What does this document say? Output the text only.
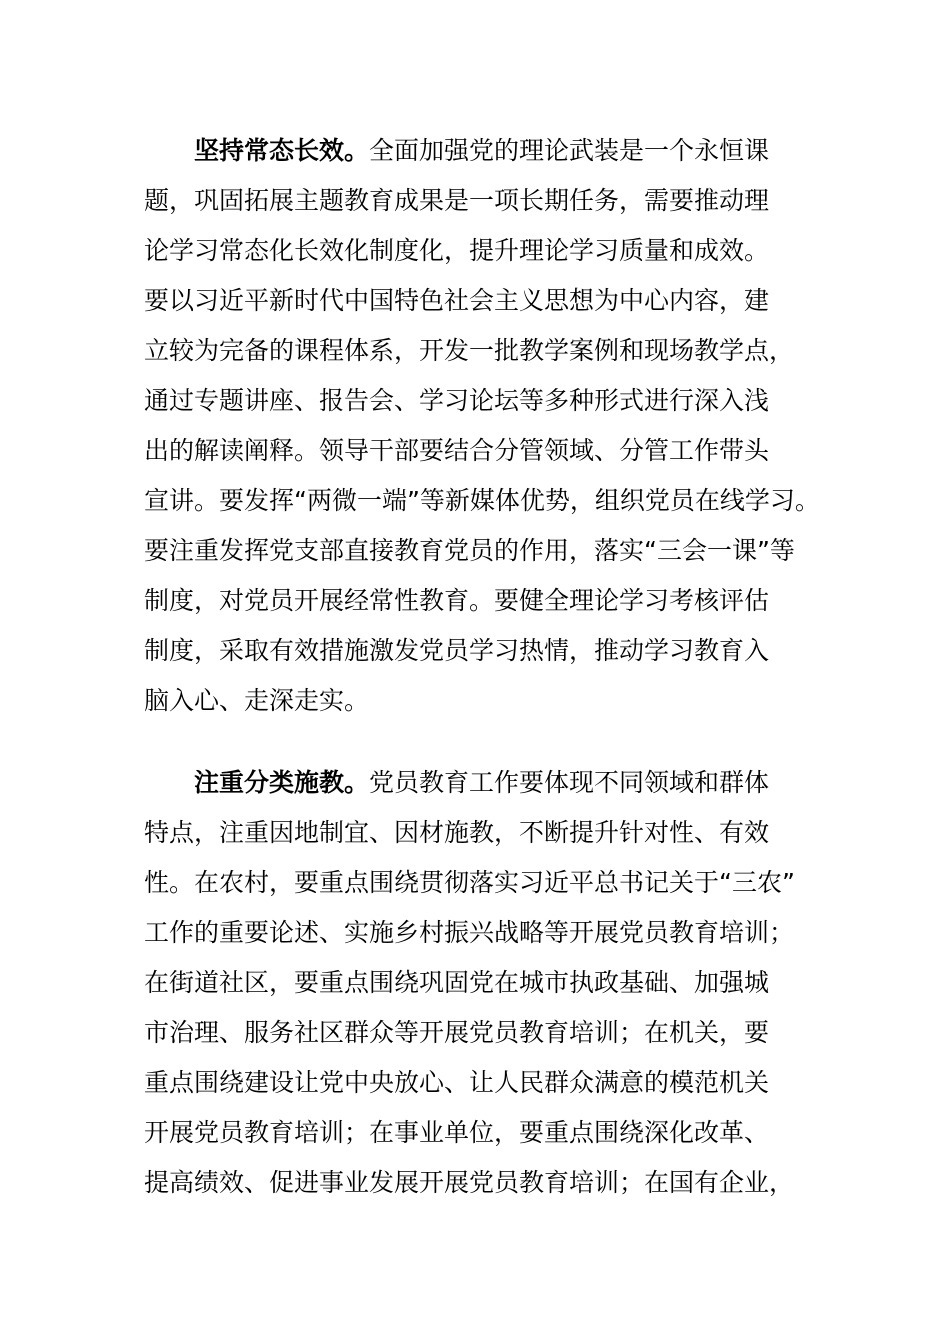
坚持常态长效。全面加强党的理论武装是一个永恒课
题，巩固拓展主题教育成果是一项长期任务，需要推动理
论学习常态化长效化制度化，提升理论学习质量和成效。
要以习近平新时代中国特色社会主义思想为中心内容，建
立较为完备的课程体系，开发一批教学案例和现场教学点，
通过专题讲座、报告会、学习论坛等多种形式进行深入浅
出的解读阐释。领导干部要结合分管领域、分管工作带头
宣讲。要发挥“两微一端”等新媒体优势，组织党员在线学习。
要注重发挥党支部直接教育党员的作用，落实“三会一课”等
制度，对党员开展经常性教育。要健全理论学习考核评估
制度，采取有效措施激发党员学习热情，推动学习教育入
脑入心、走深走实。
注重分类施教。党员教育工作要体现不同领域和群体
特点，注重因地制宜、因材施教，不断提升针对性、有效
性。在农村，要重点围绕贯彻落实习近平总书记关于“三农”
工作的重要论述、实施乡村振兴战略等开展党员教育培训；
在街道社区，要重点围绕巩固党在城市执政基础、加强城
市治理、服务社区群众等开展党员教育培训；在机关，要
重点围绕建设让党中央放心、让人民群众满意的模范机关
开展党员教育培训；在事业单位，要重点围绕深化改革、
提高绩效、促进事业发展开展党员教育培训；在国有企业，
